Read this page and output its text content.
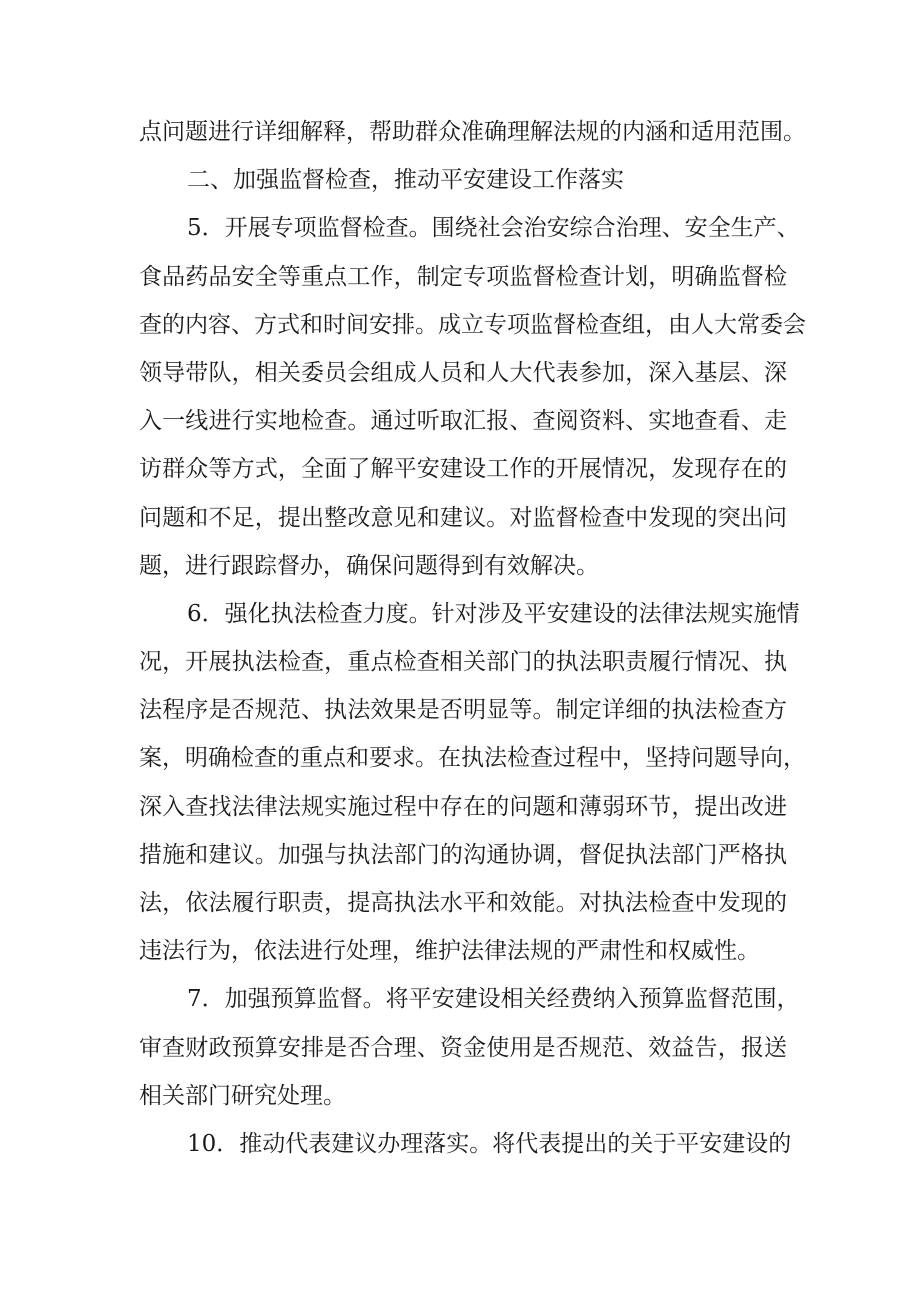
点问题进行详细解释，帮助群众准确理解法规的内涵和适用范围。
二、加强监督检查，推动平安建设工作落实
5．开展专项监督检查。围绕社会治安综合治理、安全生产、
食品药品安全等重点工作，制定专项监督检查计划，明确监督检
查的内容、方式和时间安排。成立专项监督检查组，由人大常委会
领导带队，相关委员会组成人员和人大代表参加，深入基层、深
入一线进行实地检查。通过听取汇报、查阅资料、实地查看、走
访群众等方式，全面了解平安建设工作的开展情况，发现存在的
问题和不足，提出整改意见和建议。对监督检查中发现的突出问
题，进行跟踪督办，确保问题得到有效解决。
6．强化执法检查力度。针对涉及平安建设的法律法规实施情
况，开展执法检查，重点检查相关部门的执法职责履行情况、执
法程序是否规范、执法效果是否明显等。制定详细的执法检查方
案，明确检查的重点和要求。在执法检查过程中，坚持问题导向，
深入查找法律法规实施过程中存在的问题和薄弱环节，提出改进
措施和建议。加强与执法部门的沟通协调，督促执法部门严格执
法，依法履行职责，提高执法水平和效能。对执法检查中发现的
违法行为，依法进行处理，维护法律法规的严肃性和权威性。
7．加强预算监督。将平安建设相关经费纳入预算监督范围，
审查财政预算安排是否合理、资金使用是否规范、效益告，报送
相关部门研究处理。
10．推动代表建议办理落实。将代表提出的关于平安建设的
